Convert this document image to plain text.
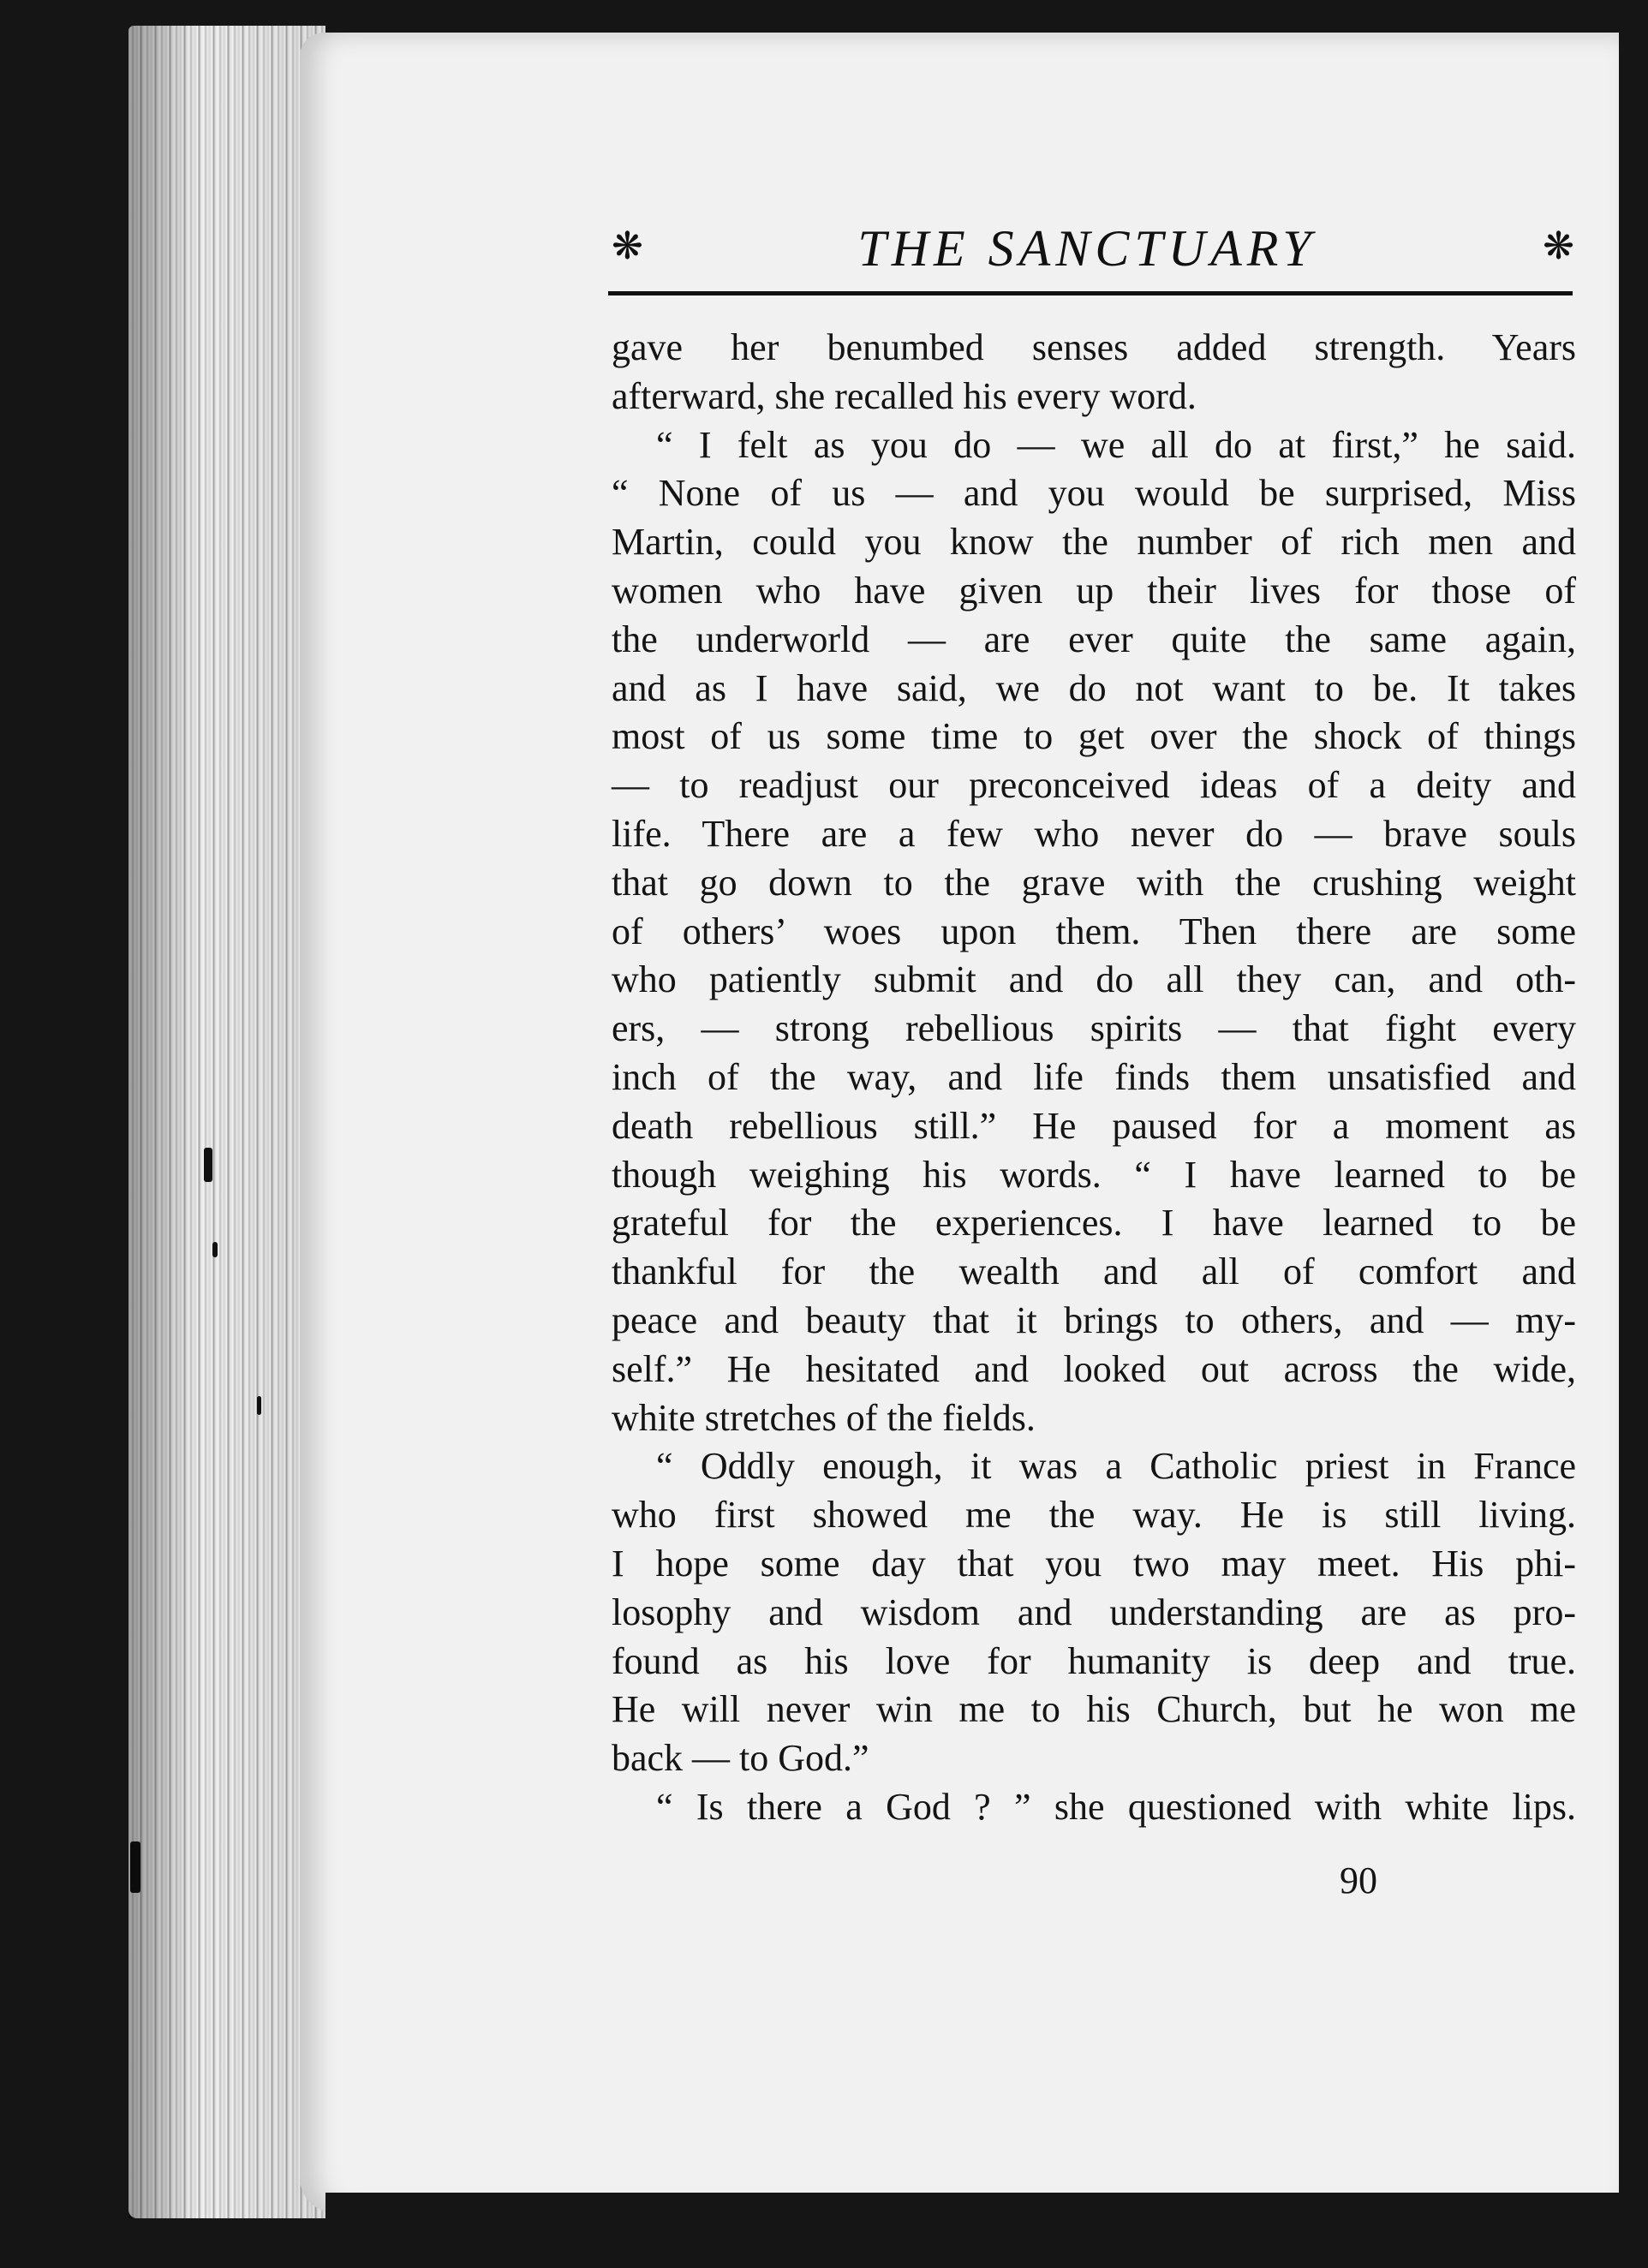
❋	THE SANCTUARY	❋
gave her benumbed senses added strength. Years
afterward, she recalled his every word.
“ I felt as you do — we all do at first,” he said.
“ None of us — and you would be surprised, Miss
Martin, could you know the number of rich men and
women who have given up their lives for those of
the underworld — are ever quite the same again,
and as I have said, we do not want to be. It takes
most of us some time to get over the shock of things
— to readjust our preconceived ideas of a deity and
life. There are a few who never do — brave souls
that go down to the grave with the crushing weight
of others’ woes upon them. Then there are some
who patiently submit and do all they can, and oth-
ers, — strong rebellious spirits — that fight every
inch of the way, and life finds them unsatisfied and
death rebellious still.” He paused for a moment as
though weighing his words. “ I have learned to be
grateful for the experiences. I have learned to be
thankful for the wealth and all of comfort and
peace and beauty that it brings to others, and — my-
self.” He hesitated and looked out across the wide,
white stretches of the fields.
“ Oddly enough, it was a Catholic priest in France
who first showed me the way. He is still living.
I hope some day that you two may meet. His phi-
losophy and wisdom and understanding are as pro-
found as his love for humanity is deep and true.
He will never win me to his Church, but he won me
back — to God.”
“ Is there a God ? ” she questioned with white lips.
90
